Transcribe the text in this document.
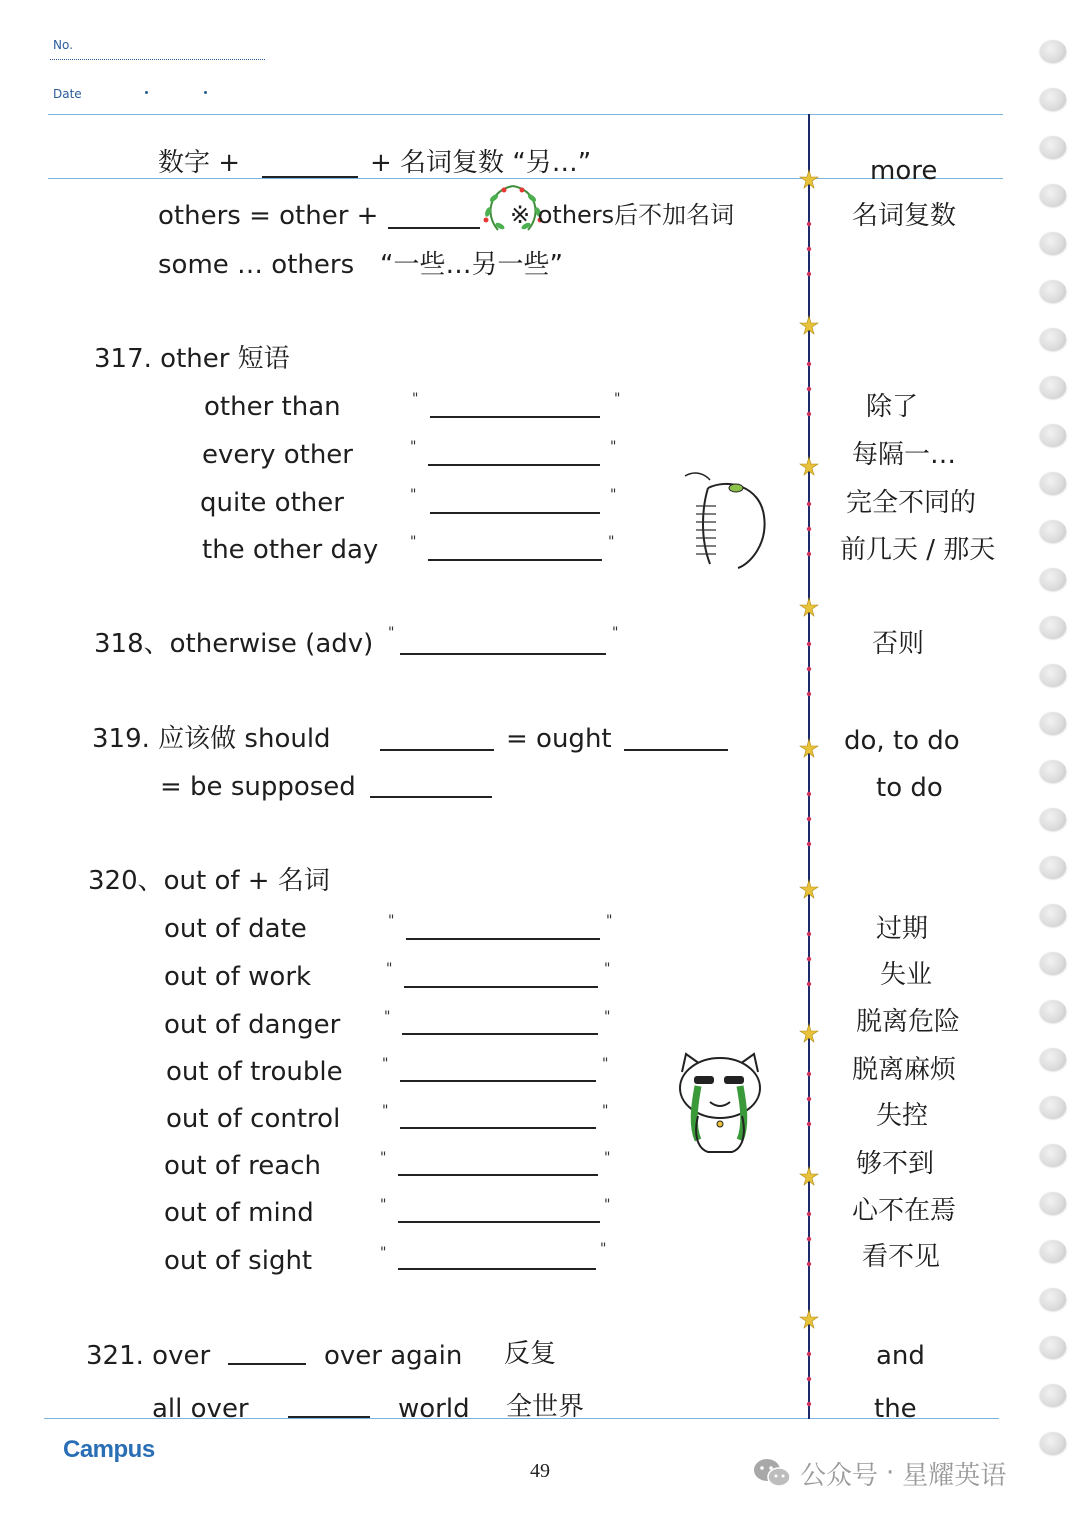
No.
Date
数字 +	+ 名词复数 “另…”	more
others = other +	※ others后不加名词	名词复数
some … others “一些…另一些”
317. other 短语
other than	"	"	除了
every other	"	"	每隔一…
quite other	"	"	完全不同的
the other day "	"	前几天 / 那天
318、otherwise (adv) "	"	否则
319. 应该做 should	= ought	do, to do
= be supposed	to do
320、out of + 名词
out of date	"	"	过期
out of work	"	"	失业
out of danger	"	"	脱离危险
out of trouble	"	"	脱离麻烦
out of control	"	"	失控
out of reach	"	"	够不到
out of mind	"	"	心不在焉
out of sight	"	"	看不见
321. over	over again 反复	and
all over	world 全世界	the
Campus
49	公众号 · 星耀英语
